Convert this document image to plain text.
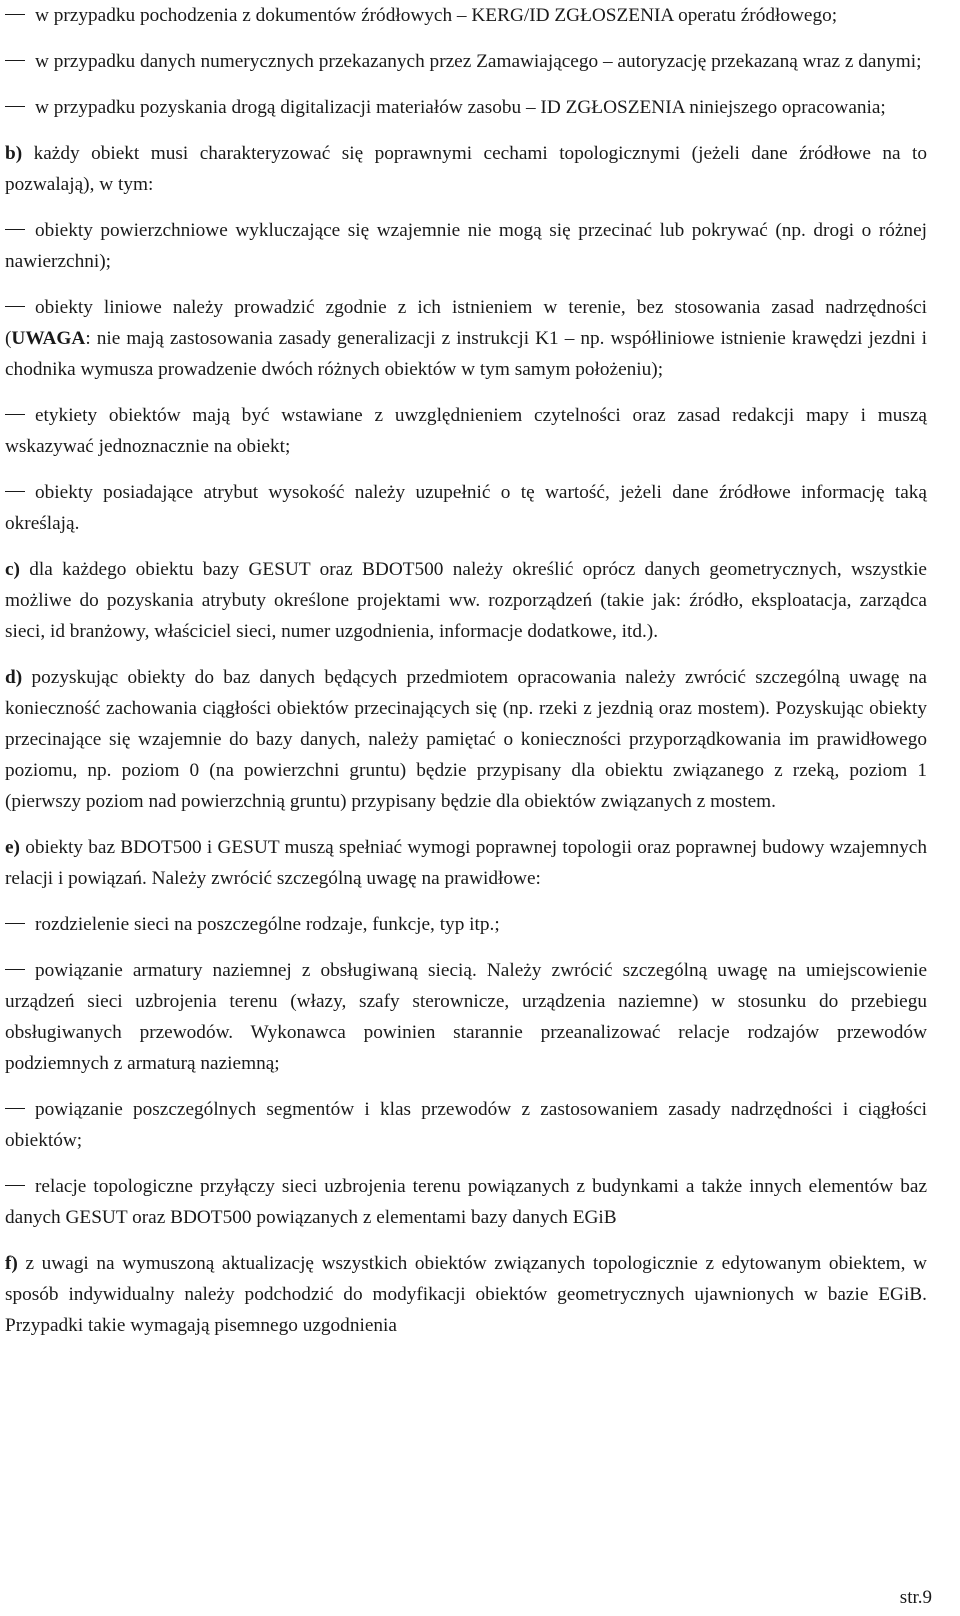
w przypadku pochodzenia z dokumentów źródłowych – KERG/ID ZGŁOSZENIA operatu źródłowego;

w przypadku danych numerycznych przekazanych przez Zamawiającego – autoryzację przekazaną wraz z danymi;

w przypadku pozyskania drogą digitalizacji materiałów zasobu – ID ZGŁOSZENIA niniejszego opracowania;

b) każdy obiekt musi charakteryzować się poprawnymi cechami topologicznymi (jeżeli dane źródłowe na to pozwalają), w tym:

obiekty powierzchniowe wykluczające się wzajemnie nie mogą się przecinać lub pokrywać (np. drogi o różnej nawierzchni);

obiekty liniowe należy prowadzić zgodnie z ich istnieniem w terenie, bez stosowania zasad nadrzędności (UWAGA: nie mają zastosowania zasady generalizacji z instrukcji K1 – np. współliniowe istnienie krawędzi jezdni i chodnika wymusza prowadzenie dwóch różnych obiektów w tym samym położeniu);

etykiety obiektów mają być wstawiane z uwzględnieniem czytelności oraz zasad redakcji mapy i muszą wskazywać jednoznacznie na obiekt;

obiekty posiadające atrybut wysokość należy uzupełnić o tę wartość, jeżeli dane źródłowe informację taką określają.

c) dla każdego obiektu bazy GESUT oraz BDOT500 należy określić oprócz danych geometrycznych, wszystkie możliwe do pozyskania atrybuty określone projektami ww. rozporządzeń (takie jak: źródło, eksploatacja, zarządca sieci, id branżowy, właściciel sieci, numer uzgodnienia, informacje dodatkowe, itd.).

d) pozyskując obiekty do baz danych będących przedmiotem opracowania należy zwrócić szczególną uwagę na konieczność zachowania ciągłości obiektów przecinających się (np. rzeki z jezdnią oraz mostem). Pozyskując obiekty przecinające się wzajemnie do bazy danych, należy pamiętać o konieczności przyporządkowania im prawidłowego poziomu, np. poziom 0 (na powierzchni gruntu) będzie przypisany dla obiektu związanego z rzeką, poziom 1 (pierwszy poziom nad powierzchnią gruntu) przypisany będzie dla obiektów związanych z mostem.

e) obiekty baz BDOT500 i GESUT muszą spełniać wymogi poprawnej topologii oraz poprawnej budowy wzajemnych relacji i powiązań. Należy zwrócić szczególną uwagę na prawidłowe:

rozdzielenie sieci na poszczególne rodzaje, funkcje, typ itp.;

powiązanie armatury naziemnej z obsługiwaną siecią. Należy zwrócić szczególną uwagę na umiejscowienie urządzeń sieci uzbrojenia terenu (włazy, szafy sterownicze, urządzenia naziemne) w stosunku do przebiegu obsługiwanych przewodów. Wykonawca powinien starannie przeanalizować relacje rodzajów przewodów podziemnych z armaturą naziemną;

powiązanie poszczególnych segmentów i klas przewodów z zastosowaniem zasady nadrzędności i ciągłości obiektów;

relacje topologiczne przyłączy sieci uzbrojenia terenu powiązanych z budynkami a także innych elementów baz danych GESUT oraz BDOT500 powiązanych z elementami bazy danych EGiB

f) z uwagi na wymuszoną aktualizację wszystkich obiektów związanych topologicznie z edytowanym obiektem, w sposób indywidualny należy podchodzić do modyfikacji obiektów geometrycznych ujawnionych w bazie EGiB. Przypadki takie wymagają pisemnego uzgodnienia

str.9
